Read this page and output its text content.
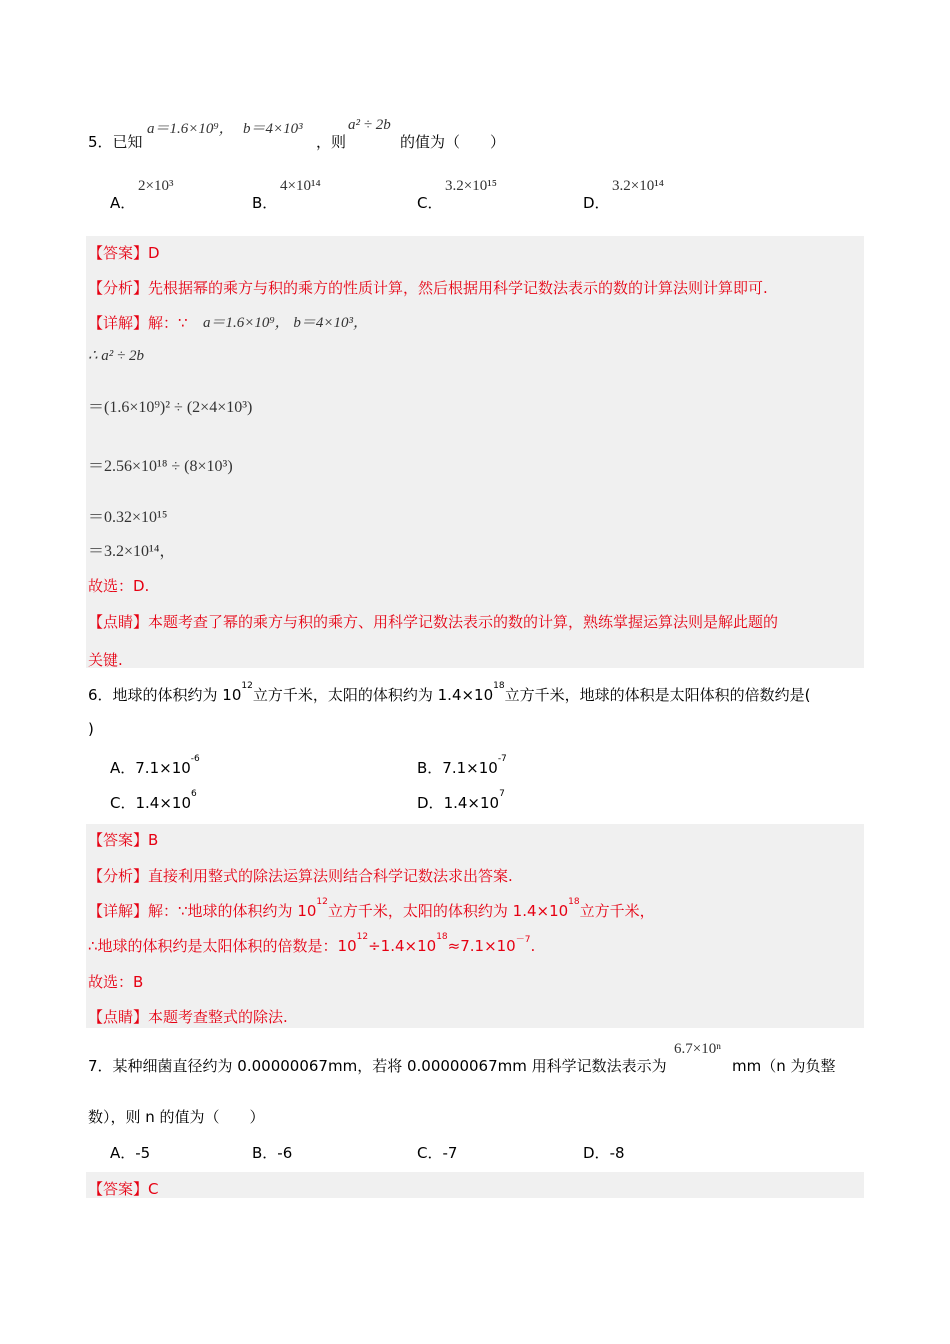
5．已知
a＝1.6×10⁹， b＝4×10³
，则
a² ÷ 2b
的值为（　　）
A．
2×10³
B．
4×10¹⁴
C．
3.2×10¹⁵
D．
3.2×10¹⁴
【答案】D
【分析】先根据幂的乘方与积的乘方的性质计算，然后根据用科学记数法表示的数的计算法则计算即可.
【详解】解：∵ a＝1.6×10⁹， b＝4×10³，
∴ a² ÷ 2b
＝(1.6×10⁹)² ÷ (2×4×10³)
＝2.56×10¹⁸ ÷ (8×10³)
＝0.32×10¹⁵
＝3.2×10¹⁴，
故选：D.
【点睛】本题考查了幂的乘方与积的乘方、用科学记数法表示的数的计算，熟练掌握运算法则是解此题的
关键.
6．地球的体积约为 $10^{12}$立方千米，太阳的体积约为 $1.4\times 10^{18}$立方千米，地球的体积是太阳体积的倍数约是(
)
A．$7.1\times 10^{-6}$	B．$7.1\times 10^{-7}$
C．$1.4\times 10^6$	D．$1.4\times 10^7$
【答案】B
【分析】直接利用整式的除法运算法则结合科学记数法求出答案.
【详解】解：∵地球的体积约为 $10^{12}$立方千米，太阳的体积约为 $1.4\times 10^{18}$立方千米，
∴地球的体积约是太阳体积的倍数是：$10^{12}\div 1.4\times 10^{18}\approx 7.1\times 10^{-7}$.
故选：B
【点睛】本题考查整式的除法.
7．某种细菌直径约为 0.00000067mm，若将 0.00000067mm 用科学记数法表示为
6.7×10ⁿ
mm（n 为负整
数），则 n 的值为（　　）
A．-5	B．-6	C．-7	D．-8
【答案】C
